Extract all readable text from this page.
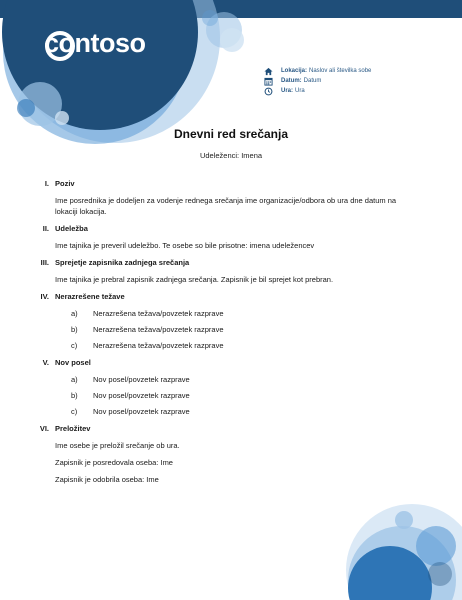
contoso
Lokacija: Naslov ali številka sobe
Datum: Datum
Ura: Ura
Dnevni red srečanja
Udeleženci: Imena
I. Poziv
Ime posrednika je dodeljen za vodenje rednega srečanja ime organizacije/odbora ob ura dne datum na lokaciji lokacija.
II. Udeležba
Ime tajnika je preveril udeležbo. Te osebe so bile prisotne: imena udeležencev
III. Sprejetje zapisnika zadnjega srečanja
Ime tajnika je prebral zapisnik zadnjega srečanja. Zapisnik je bil sprejet kot prebran.
IV. Nerazrešene težave
a)	Nerazrešena težava/povzetek razprave
b)	Nerazrešena težava/povzetek razprave
c)	Nerazrešena težava/povzetek razprave
V. Nov posel
a)	Nov posel/povzetek razprave
b)	Nov posel/povzetek razprave
c)	Nov posel/povzetek razprave
VI. Preložitev
Ime osebe je preložil srečanje ob ura.
Zapisnik je posredovala oseba: Ime
Zapisnik je odobrila oseba: Ime
